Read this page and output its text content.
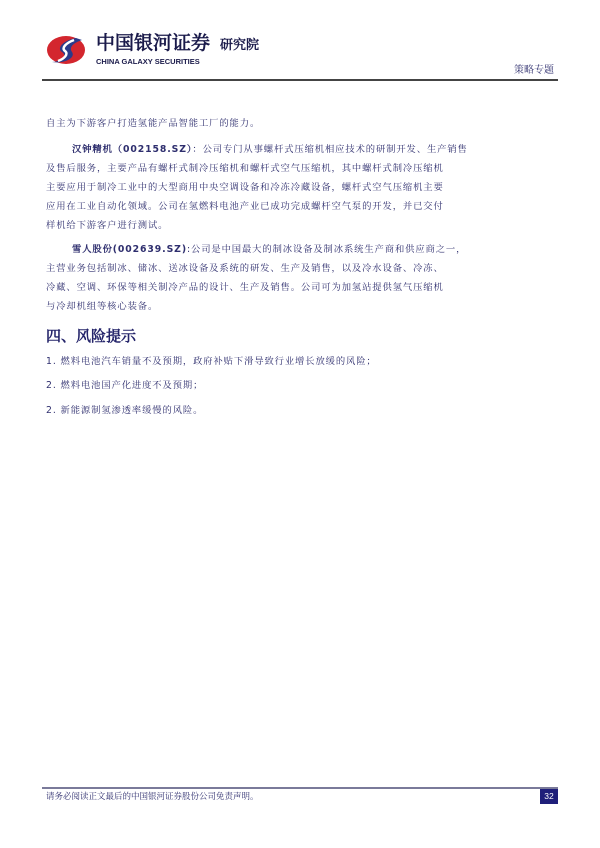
中国银河证券
CHINA GALAXY SECURITIES
研究院
策略专题
自主为下游客户打造氢能产品智能工厂的能力。
汉钟精机（002158.SZ）：公司专门从事螺杆式压缩机相应技术的研制开发、生产销售
及售后服务，主要产品有螺杆式制冷压缩机和螺杆式空气压缩机，其中螺杆式制冷压缩机
主要应用于制冷工业中的大型商用中央空调设备和冷冻冷藏设备，螺杆式空气压缩机主要
应用在工业自动化领域。公司在氢燃料电池产业已成功完成螺杆空气泵的开发，并已交付
样机给下游客户进行测试。
雪人股份(002639.SZ):公司是中国最大的制冰设备及制冰系统生产商和供应商之一，
主营业务包括制冰、储冰、送冰设备及系统的研发、生产及销售，以及冷水设备、冷冻、
冷藏、空调、环保等相关制冷产品的设计、生产及销售。公司可为加氢站提供氢气压缩机
与冷却机组等核心装备。
四、风险提示
1. 燃料电池汽车销量不及预期，政府补贴下滑导致行业增长放缓的风险；
2. 燃料电池国产化进度不及预期；
2. 新能源制氢渗透率缓慢的风险。
请务必阅读正文最后的中国银河证券股份公司免责声明。	32
